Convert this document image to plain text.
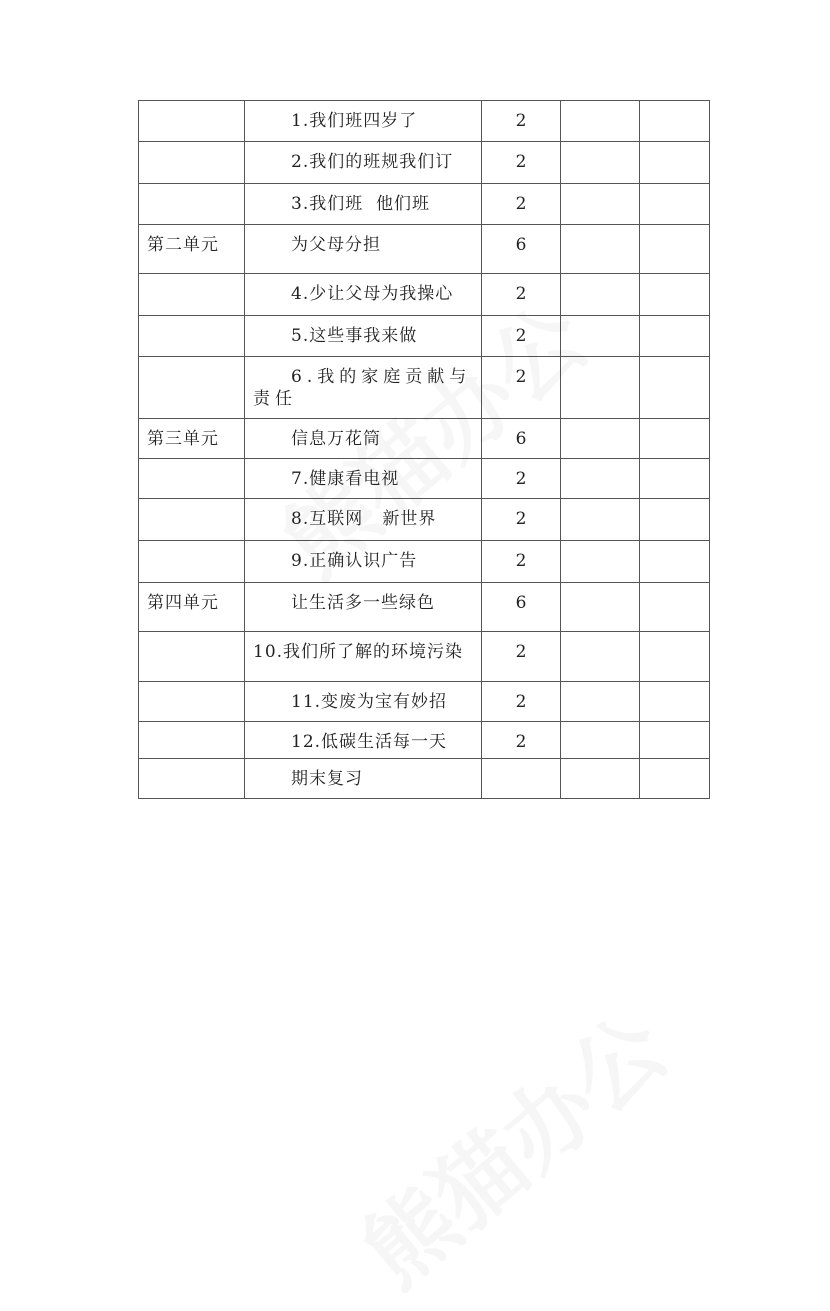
	1.我们班四岁了	2		
	2.我们的班规我们订	2		
	3.我们班  他们班	2		
第二单元	为父母分担	6		
	4.少让父母为我操心	2		
	5.这些事我来做	2		
	6.我的家庭贡献与责任	2		
第三单元	信息万花筒	6		
	7.健康看电视	2		
	8.互联网   新世界	2		
	9.正确认识广告	2		
第四单元	让生活多一些绿色	6		
	10.我们所了解的环境污染	2		
	11.变废为宝有妙招	2		
	12.低碳生活每一天	2		
	期末复习			
